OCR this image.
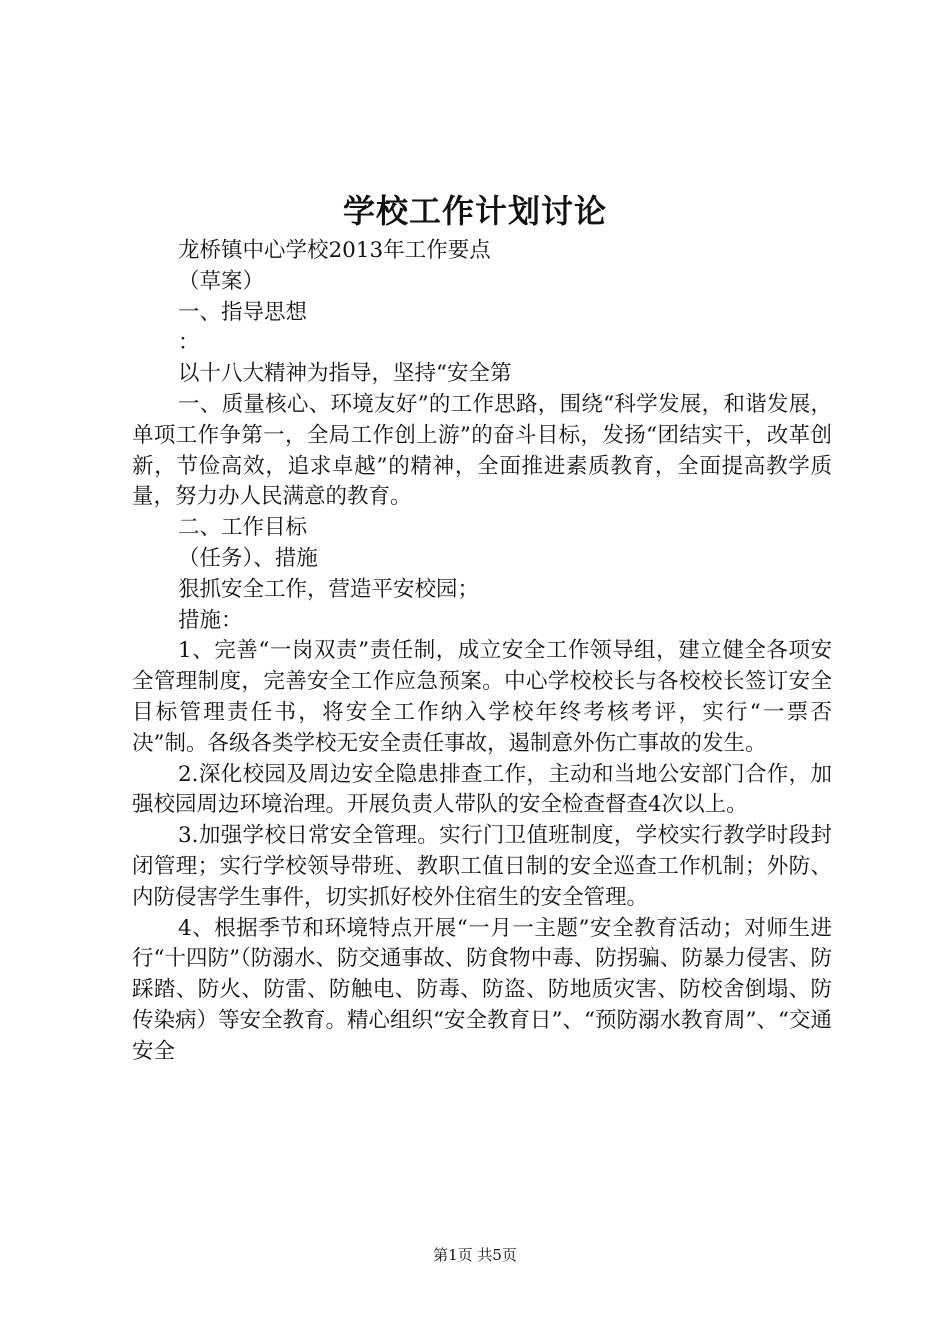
学校工作计划讨论

龙桥镇中心学校2013年工作要点

（草案）

一、指导思想

：

以十八大精神为指导，坚持“安全第

一、质量核心、环境友好”的工作思路，围绕“科学发展，和谐发展，单项工作争第一，全局工作创上游”的奋斗目标，发扬“团结实干，改革创新，节俭高效，追求卓越”的精神，全面推进素质教育，全面提高教学质量，努力办人民满意的教育。

二、工作目标

（任务）、措施

狠抓安全工作，营造平安校园；

措施：

1、完善“一岗双责”责任制，成立安全工作领导组，建立健全各项安全管理制度，完善安全工作应急预案。中心学校校长与各校校长签订安全目标管理责任书，将安全工作纳入学校年终考核考评，实行“一票否决”制。各级各类学校无安全责任事故，遏制意外伤亡事故的发生。

2.深化校园及周边安全隐患排查工作，主动和当地公安部门合作，加强校园周边环境治理。开展负责人带队的安全检查督查4次以上。

3.加强学校日常安全管理。实行门卫值班制度，学校实行教学时段封闭管理；实行学校领导带班、教职工值日制的安全巡查工作机制；外防、内防侵害学生事件，切实抓好校外住宿生的安全管理。

4、根据季节和环境特点开展“一月一主题”安全教育活动；对师生进行“十四防”（防溺水、防交通事故、防食物中毒、防拐骗、防暴力侵害、防踩踏、防火、防雷、防触电、防毒、防盗、防地质灾害、防校舍倒塌、防传染病）等安全教育。精心组织“安全教育日”、“预防溺水教育周”、“交通安全

第1页 共5页
